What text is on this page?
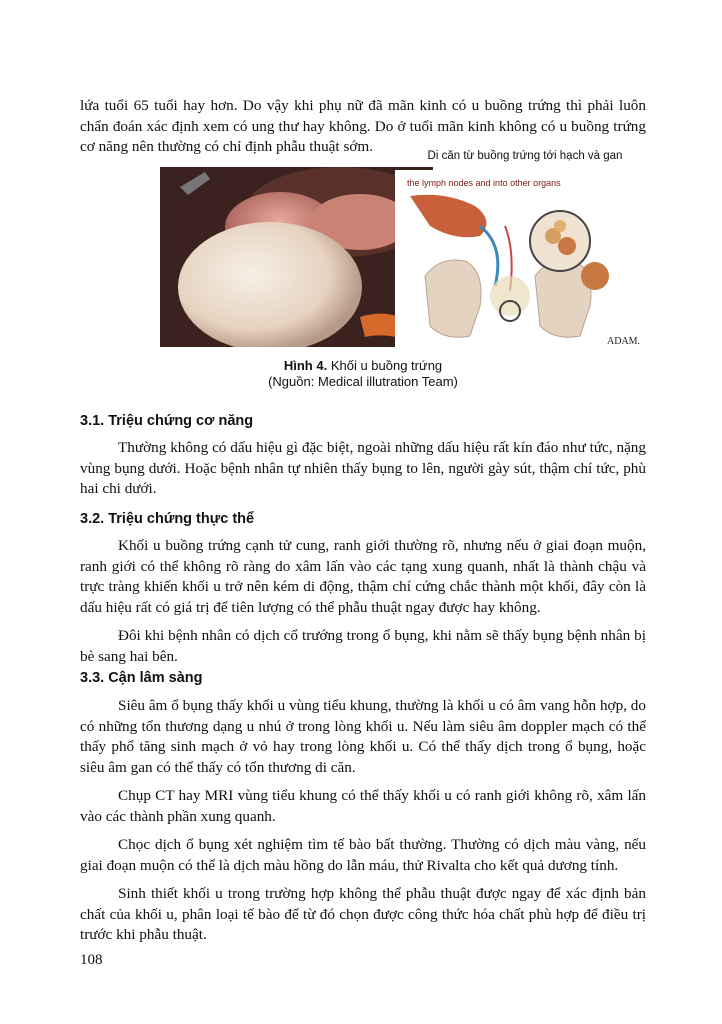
lứa tuổi 65 tuổi hay hơn. Do vậy khi phụ nữ đã mãn kinh có u buồng trứng thì phải luôn chẩn đoán xác định xem có ung thư hay không. Do ở tuổi mãn kinh không có u buồng trứng cơ năng nên thường có chỉ định phẫu thuật sớm.

Di căn từ buồng trứng tới hạch và gan
the lymph nodes and into other organs
ADAM.
Hình 4. Khối u buồng trứng
(Nguồn: Medical illutration Team)
3.1. Triệu chứng cơ năng

Thường không có dấu hiệu gì đặc biệt, ngoài những dấu hiệu rất kín đáo như tức, nặng vùng bụng dưới. Hoặc bệnh nhân tự nhiên thấy bụng to lên, người gày sút, thậm chí tức, phù hai chi dưới.

3.2. Triệu chứng thực thể

Khối u buồng trứng cạnh tử cung, ranh giới thường rõ, nhưng nếu ở giai đoạn muộn, ranh giới có thể không rõ ràng do xâm lấn vào các tạng xung quanh, nhất là thành chậu và trực tràng khiến khối u trở nên kém di động, thậm chí cứng chắc thành một khối, đây còn là dấu hiệu rất có giá trị để tiên lượng có thể phẫu thuật ngay được hay không.

Đôi khi bệnh nhân có dịch cổ trướng trong ổ bụng, khi nằm sẽ thấy bụng bệnh nhân bị bè sang hai bên.

3.3. Cận lâm sàng

Siêu âm ổ bụng thấy khối u vùng tiểu khung, thường là khối u có âm vang hỗn hợp, do có những tổn thương dạng u nhú ở trong lòng khối u. Nếu làm siêu âm doppler mạch có thể thấy phổ tăng sinh mạch ở vỏ hay trong lòng khối u. Có thể thấy dịch trong ổ bụng, hoặc siêu âm gan có thể thấy có tổn thương di căn.

Chụp CT hay MRI vùng tiểu khung có thể thấy khối u có ranh giới không rõ, xâm lấn vào các thành phần xung quanh.

Chọc dịch ổ bụng xét nghiệm tìm tế bào bất thường. Thường có dịch màu vàng, nếu giai đoạn muộn có thể là dịch màu hồng do lẫn máu, thử Rivalta cho kết quả dương tính.

Sinh thiết khối u trong trường hợp không thể phẫu thuật được ngay để xác định bản chất của khối u, phân loại tế bào để từ đó chọn được công thức hóa chất phù hợp để điều trị trước khi phẫu thuật.

108
